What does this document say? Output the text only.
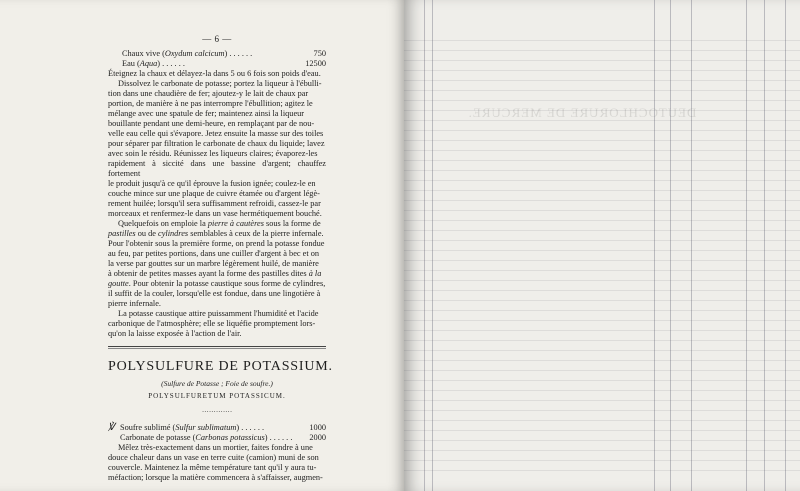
— 6 —
Chaux vive (Oxydum calcicum) . . . . . .	750
Eau (Aqua) . . . . . .	12500
Éteignez la chaux et délayez-la dans 5 ou 6 fois son poids d'eau.
Dissolvez le carbonate de potasse; portez la liqueur à l'ébulli-
tion dans une chaudière de fer; ajoutez-y le lait de chaux par
portion, de manière à ne pas interrompre l'ébullition; agitez le
mélange avec une spatule de fer; maintenez ainsi la liqueur
bouillante pendant une demi-heure, en remplaçant par de nou-
velle eau celle qui s'évapore. Jetez ensuite la masse sur des toiles
pour séparer par filtration le carbonate de chaux du liquide; lavez
avec soin le résidu. Réunissez les liqueurs claires; évaporez-les
rapidement à siccité dans une bassine d'argent; chauffez fortement
le produit jusqu'à ce qu'il éprouve la fusion ignée; coulez-le en
couche mince sur une plaque de cuivre étamée ou d'argent légè-
rement huilée; lorsqu'il sera suffisamment refroidi, cassez-le par
morceaux et renfermez-le dans un vase hermétiquement bouché.
Quelquefois on emploie la pierre à cautères sous la forme de
pastilles ou de cylindres semblables à ceux de la pierre infernale.
Pour l'obtenir sous la première forme, on prend la potasse fondue
au feu, par petites portions, dans une cuiller d'argent à bec et on
la verse par gouttes sur un marbre légèrement huilé, de manière
à obtenir de petites masses ayant la forme des pastilles dites à la
goutte. Pour obtenir la potasse caustique sous forme de cylindres,
il suffit de la couler, lorsqu'elle est fondue, dans une lingotière à
pierre infernale.
La potasse caustique attire puissamment l'humidité et l'acide
carbonique de l'atmosphère; elle se liquéfie promptement lors-
qu'on la laisse exposée à l'action de l'air.
POLYSULFURE DE POTASSIUM.
(Sulfure de Potasse ; Foie de soufre.)
POLYSULFURETUM POTASSICUM.
·············
℣ Soufre sublimé (Sulfur sublimatum) . . . . . .	1000
Carbonate de potasse (Carbonas potassicus) . . . . . .	2000
Mêlez très-exactement dans un mortier, faites fondre à une
douce chaleur dans un vase en terre cuite (camion) muni de son
couvercle. Maintenez la même température tant qu'il y aura tu-
méfaction; lorsque la matière commencera à s'affaisser, augmen-
DEUTOCHLORURE DE MERCURE.
